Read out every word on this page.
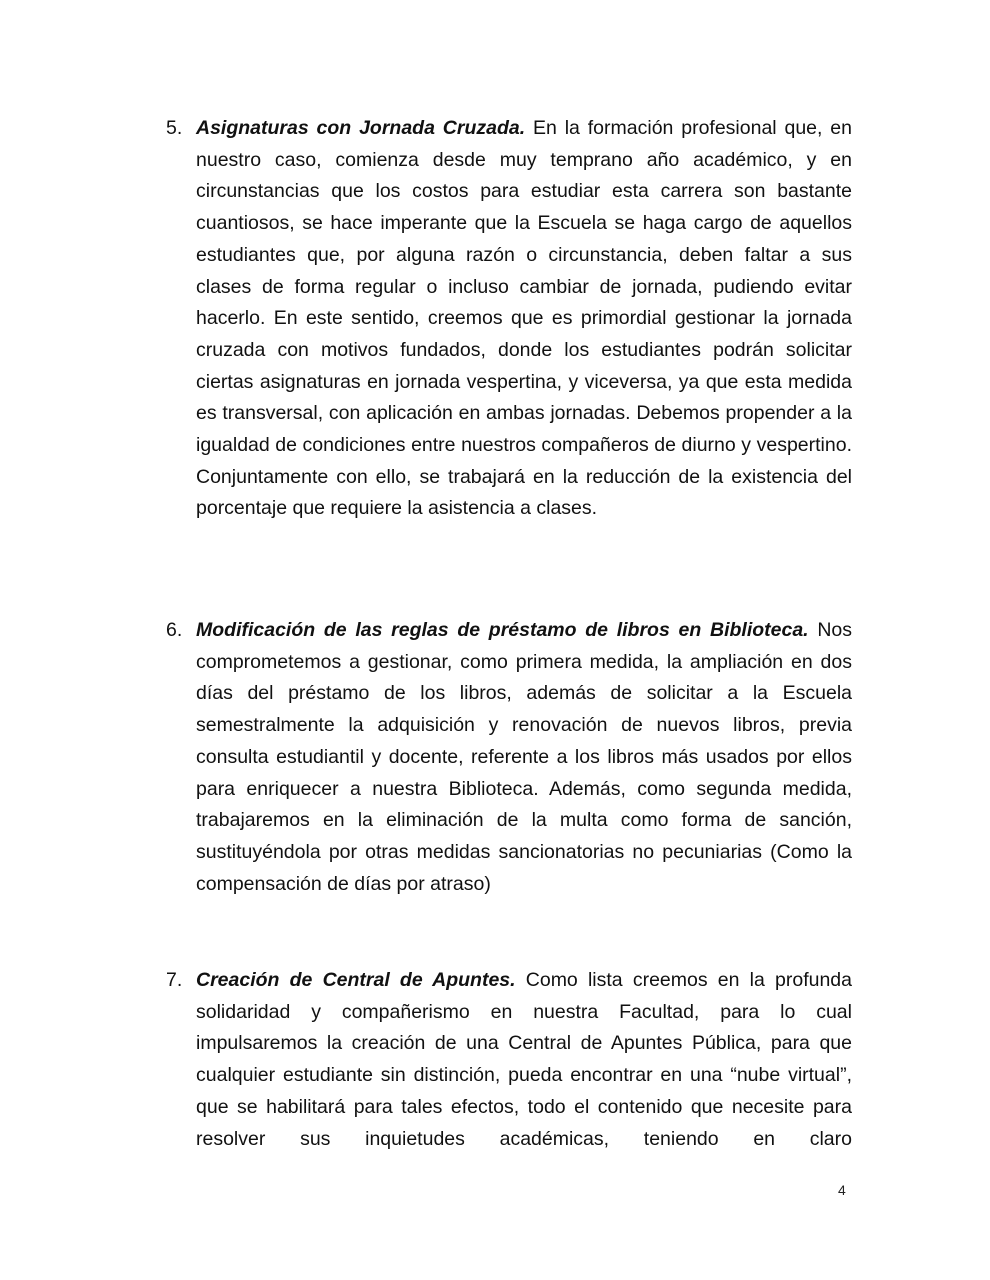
5. Asignaturas con Jornada Cruzada. En la formación profesional que, en nuestro caso, comienza desde muy temprano año académico, y en circunstancias que los costos para estudiar esta carrera son bastante cuantiosos, se hace imperante que la Escuela se haga cargo de aquellos estudiantes que, por alguna razón o circunstancia, deben faltar a sus clases de forma regular o incluso cambiar de jornada, pudiendo evitar hacerlo. En este sentido, creemos que es primordial gestionar la jornada cruzada con motivos fundados, donde los estudiantes podrán solicitar ciertas asignaturas en jornada vespertina, y viceversa, ya que esta medida es transversal, con aplicación en ambas jornadas. Debemos propender a la igualdad de condiciones entre nuestros compañeros de diurno y vespertino. Conjuntamente con ello, se trabajará en la reducción de la existencia del porcentaje que requiere la asistencia a clases.

6. Modificación de las reglas de préstamo de libros en Biblioteca. Nos comprometemos a gestionar, como primera medida, la ampliación en dos días del préstamo de los libros, además de solicitar a la Escuela semestralmente la adquisición y renovación de nuevos libros, previa consulta estudiantil y docente, referente a los libros más usados por ellos para enriquecer a nuestra Biblioteca. Además, como segunda medida, trabajaremos en la eliminación de la multa como forma de sanción, sustituyéndola por otras medidas sancionatorias no pecuniarias (Como la compensación de días por atraso)

7. Creación de Central de Apuntes. Como lista creemos en la profunda solidaridad y compañerismo en nuestra Facultad, para lo cual impulsaremos la creación de una Central de Apuntes Pública, para que cualquier estudiante sin distinción, pueda encontrar en una “nube virtual”, que se habilitará para tales efectos, todo el contenido que necesite para resolver sus inquietudes académicas, teniendo en claro

4
